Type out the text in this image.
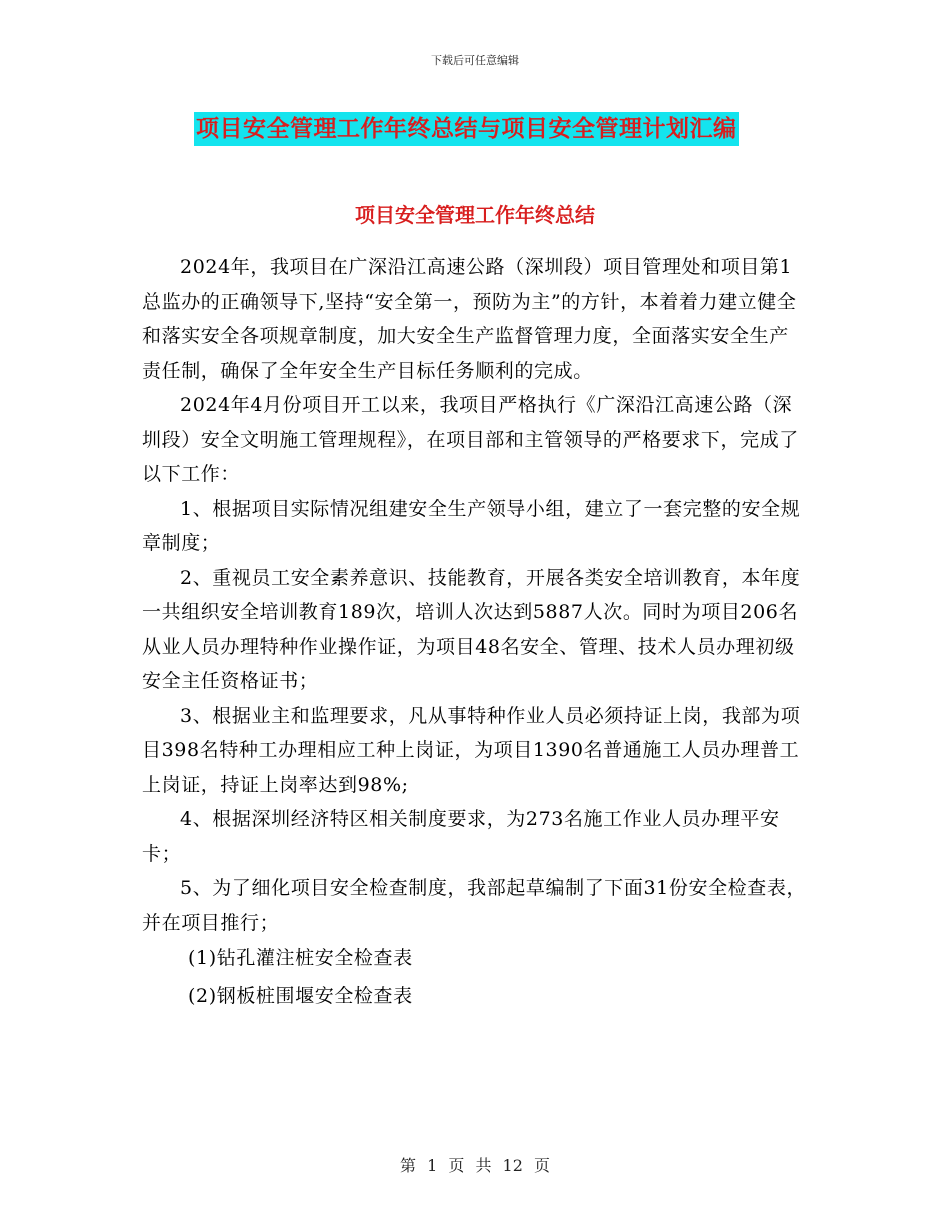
下载后可任意编辑
项目安全管理工作年终总结与项目安全管理计划汇编
项目安全管理工作年终总结

2024年，我项目在广深沿江高速公路（深圳段）项目管理处和项目第1总监办的正确领导下,坚持“安全第一，预防为主”的方针，本着着力建立健全和落实安全各项规章制度，加大安全生产监督管理力度，全面落实安全生产责任制，确保了全年安全生产目标任务顺利的完成。

2024年4月份项目开工以来，我项目严格执行《广深沿江高速公路（深圳段）安全文明施工管理规程》，在项目部和主管领导的严格要求下，完成了以下工作：

1、根据项目实际情况组建安全生产领导小组，建立了一套完整的安全规章制度；

2、重视员工安全素养意识、技能教育，开展各类安全培训教育，本年度一共组织安全培训教育189次，培训人次达到5887人次。同时为项目206名从业人员办理特种作业操作证，为项目48名安全、管理、技术人员办理初级安全主任资格证书；

3、根据业主和监理要求，凡从事特种作业人员必须持证上岗，我部为项目398名特种工办理相应工种上岗证，为项目1390名普通施工人员办理普工上岗证，持证上岗率达到98%;

4、根据深圳经济特区相关制度要求，为273名施工作业人员办理平安卡；

5、为了细化项目安全检查制度，我部起草编制了下面31份安全检查表，并在项目推行；

(1)钻孔灌注桩安全检查表

(2)钢板桩围堰安全检查表

第 1 页 共 12 页
